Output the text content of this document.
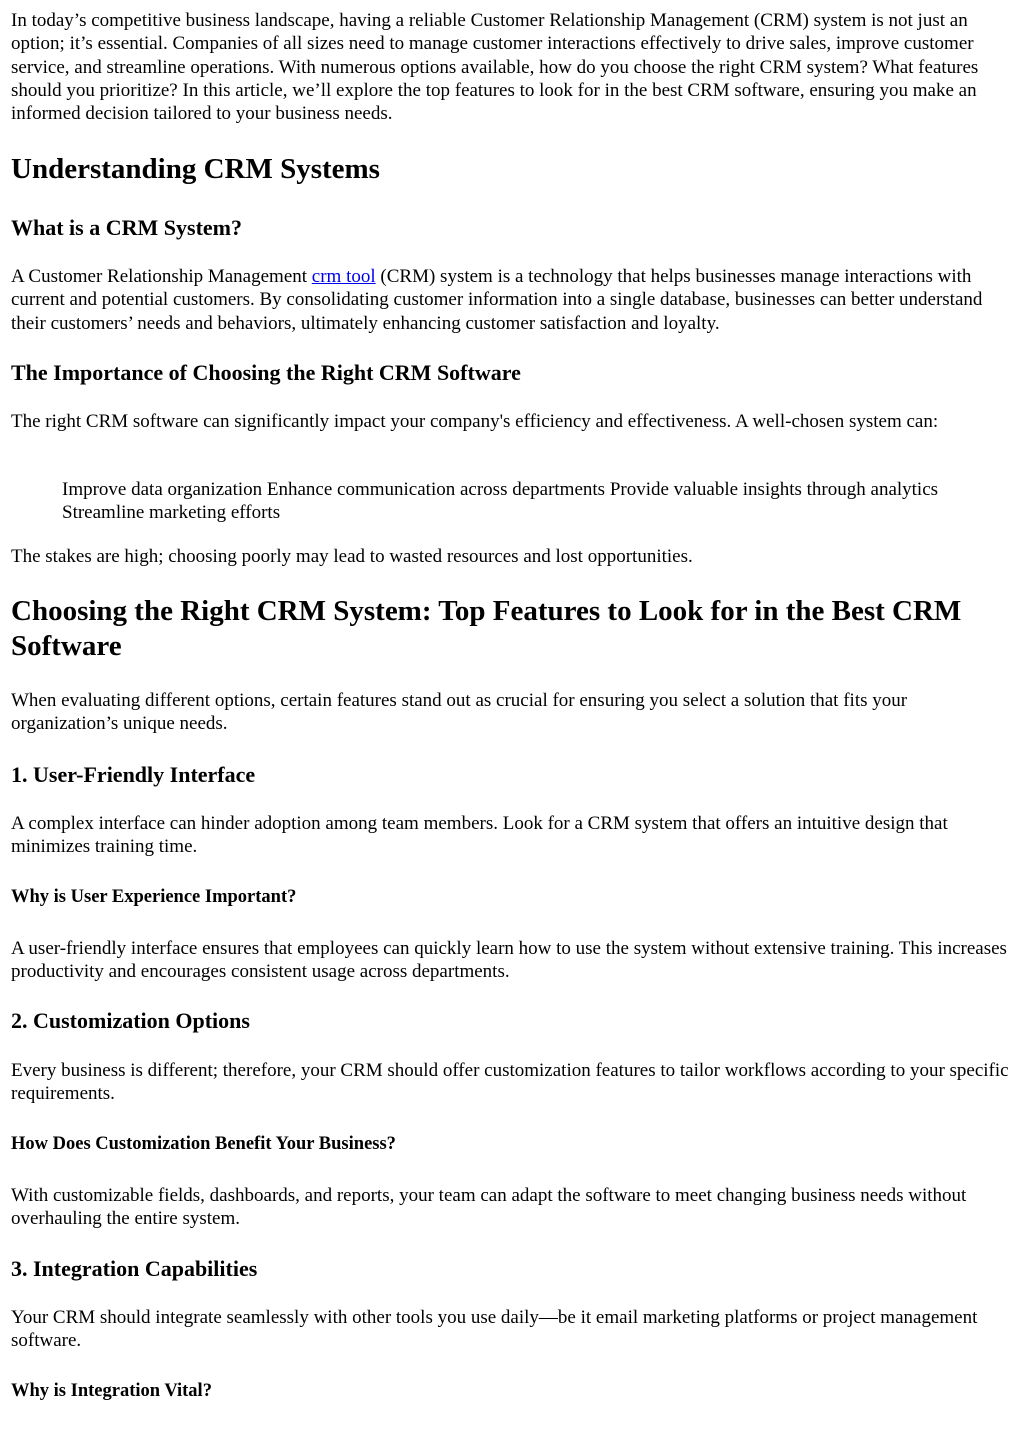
In today’s competitive business landscape, having a reliable Customer Relationship Management (CRM) system is not just an option; it’s essential. Companies of all sizes need to manage customer interactions effectively to drive sales, improve customer service, and streamline operations. With numerous options available, how do you choose the right CRM system? What features should you prioritize? In this article, we’ll explore the top features to look for in the best CRM software, ensuring you make an informed decision tailored to your business needs.

Understanding CRM Systems
What is a CRM System?

A Customer Relationship Management crm tool (CRM) system is a technology that helps businesses manage interactions with current and potential customers. By consolidating customer information into a single database, businesses can better understand their customers’ needs and behaviors, ultimately enhancing customer satisfaction and loyalty.

The Importance of Choosing the Right CRM Software

The right CRM software can significantly impact your company's efficiency and effectiveness. A well-chosen system can:

Improve data organization Enhance communication across departments Provide valuable insights through analytics Streamline marketing efforts

The stakes are high; choosing poorly may lead to wasted resources and lost opportunities.

Choosing the Right CRM System: Top Features to Look for in the Best CRM Software

When evaluating different options, certain features stand out as crucial for ensuring you select a solution that fits your organization’s unique needs.

1. User-Friendly Interface

A complex interface can hinder adoption among team members. Look for a CRM system that offers an intuitive design that minimizes training time.

Why is User Experience Important?

A user-friendly interface ensures that employees can quickly learn how to use the system without extensive training. This increases productivity and encourages consistent usage across departments.

2. Customization Options

Every business is different; therefore, your CRM should offer customization features to tailor workflows according to your specific requirements.

How Does Customization Benefit Your Business?

With customizable fields, dashboards, and reports, your team can adapt the software to meet changing business needs without overhauling the entire system.

3. Integration Capabilities

Your CRM should integrate seamlessly with other tools you use daily—be it email marketing platforms or project management software.

Why is Integration Vital?
